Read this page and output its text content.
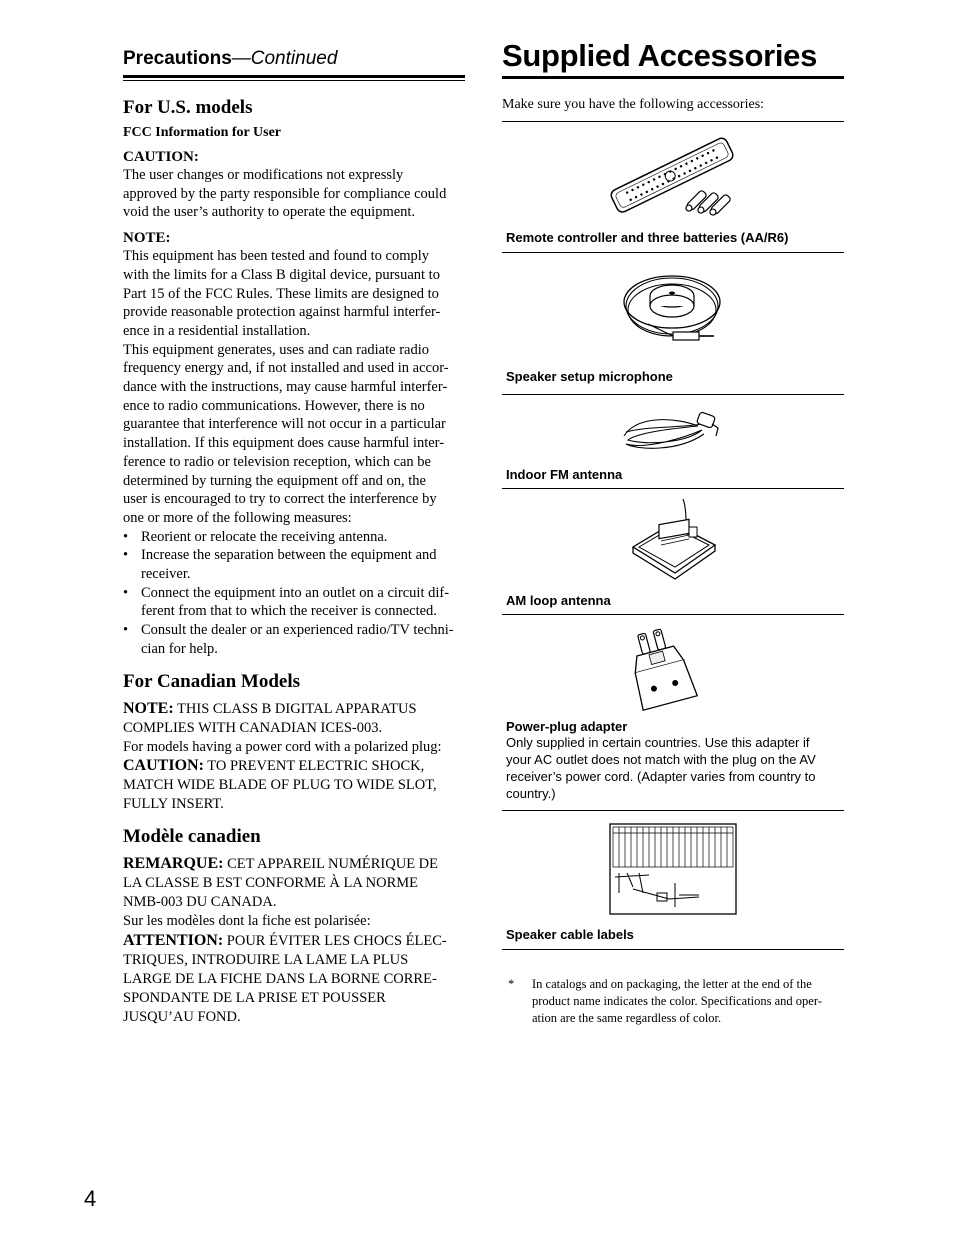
Precautions—Continued
For U.S. models
FCC Information for User
CAUTION:
The user changes or modifications not expressly
approved by the party responsible for compliance could
void the user’s authority to operate the equipment.
NOTE:
This equipment has been tested and found to comply
with the limits for a Class B digital device, pursuant to
Part 15 of the FCC Rules. These limits are designed to
provide reasonable protection against harmful interfer-
ence in a residential installation.
This equipment generates, uses and can radiate radio
frequency energy and, if not installed and used in accor-
dance with the instructions, may cause harmful interfer-
ence to radio communications. However, there is no
guarantee that interference will not occur in a particular
installation. If this equipment does cause harmful inter-
ference to radio or television reception, which can be
determined by turning the equipment off and on, the
user is encouraged to try to correct the interference by
one or more of the following measures:
• Reorient or relocate the receiving antenna.
• Increase the separation between the equipment and receiver.
• Connect the equipment into an outlet on a circuit dif-ferent from that to which the receiver is connected.
• Consult the dealer or an experienced radio/TV techni-cian for help.
For Canadian Models
NOTE: THIS CLASS B DIGITAL APPARATUS
COMPLIES WITH CANADIAN ICES-003.
For models having a power cord with a polarized plug:
CAUTION: TO PREVENT ELECTRIC SHOCK,
MATCH WIDE BLADE OF PLUG TO WIDE SLOT,
FULLY INSERT.
Modèle canadien
REMARQUE: CET APPAREIL NUMÉRIQUE DE
LA CLASSE B EST CONFORME À LA NORME
NMB-003 DU CANADA.
Sur les modèles dont la fiche est polarisée:
ATTENTION: POUR ÉVITER LES CHOCS ÉLEC-
TRIQUES, INTRODUIRE LA LAME LA PLUS
LARGE DE LA FICHE DANS LA BORNE CORRE-
SPONDANTE DE LA PRISE ET POUSSER
JUSQU’AU FOND.
Supplied Accessories
Make sure you have the following accessories:
Remote controller and three batteries (AA/R6)
Speaker setup microphone
Indoor FM antenna
AM loop antenna
Power-plug adapter
Only supplied in certain countries. Use this adapter if
your AC outlet does not match with the plug on the AV
receiver’s power cord. (Adapter varies from country to
country.)
Speaker cable labels
*	In catalogs and on packaging, the letter at the end of the
product name indicates the color. Specifications and oper-
ation are the same regardless of color.
4
